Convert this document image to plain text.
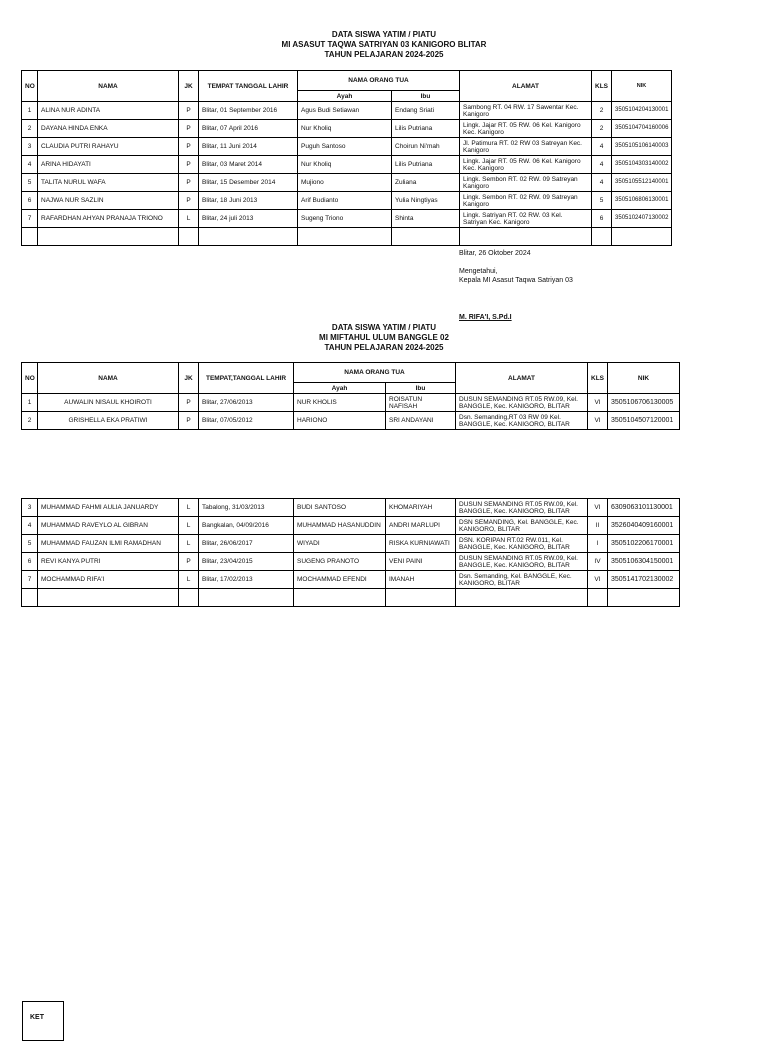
DATA SISWA YATIM / PIATU
MI ASASUT TAQWA SATRIYAN 03 KANIGORO BLITAR
TAHUN PELAJARAN 2024-2025
NO	NAMA	JK	TEMPAT TANGGAL LAHIR	NAMA ORANG TUA		ALAMAT	KLS	NIK
				Ayah	Ibu			
1	ALINA NUR ADINTA	P	Blitar, 01 September 2016	Agus Budi Setiawan	Endang Sriati	Sambong RT. 04 RW. 17 Sawentar Kec. Kanigoro	2	3505104204130001
2	DAYANA HINDA ENKA	P	Blitar, 07 April 2016	Nur Kholiq	Lilis Putriana	Lingk. Jajar RT. 05 RW. 06 Kel. Kanigoro Kec. Kanigoro	2	3505104704160006
3	CLAUDIA PUTRI RAHAYU	P	Blitar, 11 Juni 2014	Puguh Santoso	Choirun Ni'mah	Jl. Patimura RT. 02 RW 03 Satreyan Kec. Kanigoro	4	3505105106140003
4	ARINA HIDAYATI	P	Blitar, 03 Maret 2014	Nur Kholiq	Lilis Putriana	Lingk. Jajar RT. 05 RW. 06 Kel. Kanigoro Kec. Kanigoro	4	3505104303140002
5	TALITA NURUL WAFA	P	Blitar, 15 Desember 2014	Mujiono	Zuliana	Lingk. Sembon RT. 02 RW. 09 Satreyan Kanigoro	4	3505105512140001
6	NAJWA NUR SAZLIN	P	Blitar, 18 Juni 2013	Arif Budianto	Yulia Ningtiyas	Lingk. Sembon RT. 02 RW. 09 Satreyan Kanigoro	5	3505106806130001
7	RAFARDHAN AHYAN PRANAJA TRIONO	L	Blitar, 24 juli 2013	Sugeng Triono	Shinta	Lingk. Satriyan RT. 02 RW. 03 Kel. Satriyan Kec. Kanigoro	6	3505102407130002

Blitar, 26 Oktober 2024
Mengetahui,
Kepala MI Asasut Taqwa Satriyan 03
M. RIFA'I, S.Pd.I
DATA SISWA YATIM / PIATU
MI MIFTAHUL ULUM BANGGLE 02
TAHUN PELAJARAN 2024-2025
NO	NAMA	JK	TEMPAT,TANGGAL LAHIR	NAMA ORANG TUA		ALAMAT	KLS	NIK
				Ayah	Ibu			
1	AUWALIN NISAUL KHOIROTI	P	Blitar, 27/06/2013	NUR KHOLIS	ROISATUN NAFISAH	DUSUN SEMANDING RT.05 RW.09, Kel. BANGGLE, Kec. KANIGORO, BLITAR	VI	3505106706130005
2	GRISHELLA EKA PRATIWI	P	Blitar, 07/05/2012	HARIONO	SRI ANDAYANI	Dsn. Semanding,RT 03 RW 09 Kel. BANGGLE, Kec. KANIGORO, BLITAR	VI	3505104507120001
3	MUHAMMAD FAHMI AULIA JANUARDY	L	Tabalong, 31/03/2013	BUDI SANTOSO	KHOMARIYAH	DUSUN SEMANDING RT.05 RW.09, Kel. BANGGLE, Kec. KANIGORO, BLITAR	VI	6309063101130001
4	MUHAMMAD RAVEYLO AL GIBRAN	L	Bangkalan, 04/09/2016	MUHAMMAD HASANUDDIN	ANDRI MARLUPI	DSN SEMANDING, Kel. BANGGLE, Kec. KANIGORO, BLITAR	II	3526040409160001
5	MUHAMMAD FAUZAN ILMI RAMADHAN	L	Blitar, 26/06/2017	WIYADI	RISKA KURNIAWATI	DSN. KORIPAN RT.02 RW.011, Kel. BANGGLE, Kec. KANIGORO, BLITAR	I	3505102206170001
6	REVI KANYA PUTRI	P	Blitar, 23/04/2015	SUGENG PRANOTO	VENI PAINI	DUSUN SEMANDING RT.05 RW.09, Kel. BANGGLE, Kec. KANIGORO, BLITAR	IV	3505106304150001
7	MOCHAMMAD RIFA'I	L	Blitar, 17/02/2013	MOCHAMMAD EFENDI	IMANAH	Dsn. Semanding, Kel. BANGGLE, Kec. KANIGORO, BLITAR	VI	3505141702130002

KET
